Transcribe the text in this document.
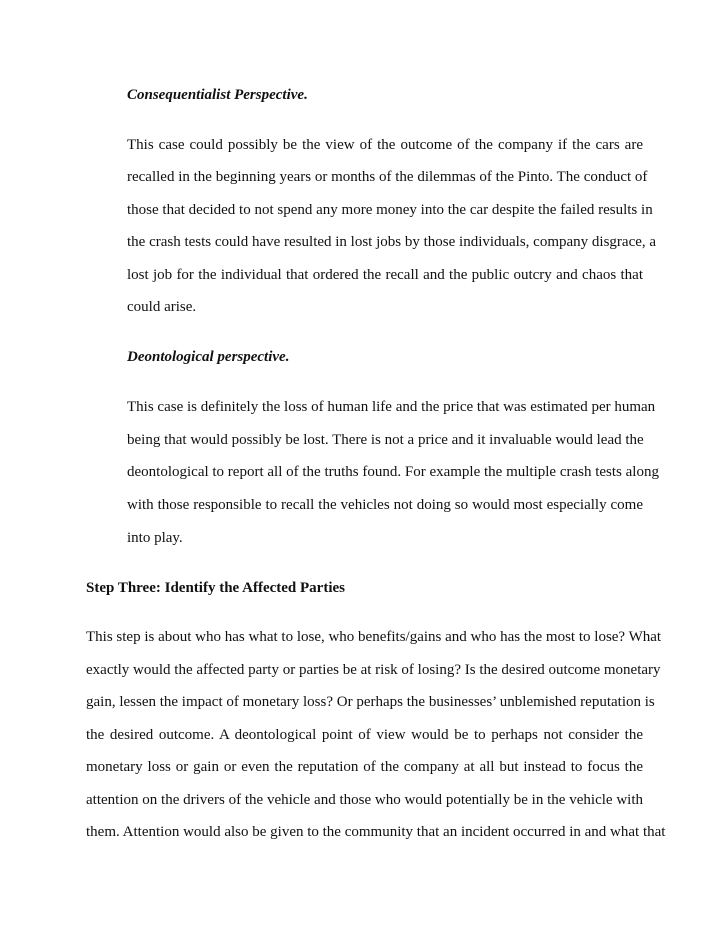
Consequentialist Perspective.
This case could possibly be the view of the outcome of the company if the cars are
recalled in the beginning years or months of the dilemmas of the Pinto. The conduct of
those that decided to not spend any more money into the car despite the failed results in
the crash tests could have resulted in lost jobs by those individuals, company disgrace, a
lost job for the individual that ordered the recall and the public outcry and chaos that
could arise.
Deontological perspective.
This case is definitely the loss of human life and the price that was estimated per human
being that would possibly be lost. There is not a price and it invaluable would lead the
deontological to report all of the truths found. For example the multiple crash tests along
with those responsible to recall the vehicles not doing so would most especially come
into play.
Step Three: Identify the Affected Parties
This step is about who has what to lose, who benefits/gains and who has the most to lose? What
exactly would the affected party or parties be at risk of losing? Is the desired outcome monetary
gain, lessen the impact of monetary loss? Or perhaps the businesses’ unblemished reputation is
the desired outcome. A deontological point of view would be to perhaps not consider the
monetary loss or gain or even the reputation of the company at all but instead to focus the
attention on the drivers of the vehicle and those who would potentially be in the vehicle with
them. Attention would also be given to the community that an incident occurred in and what that
